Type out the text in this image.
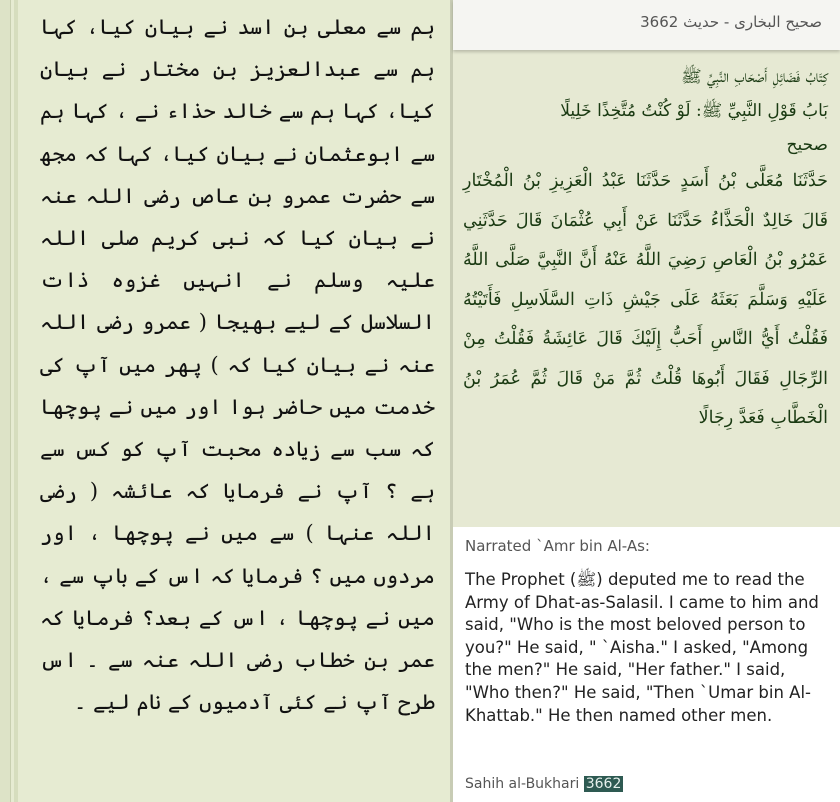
ہم سے معلی بن اسد نے بیان کیا، کہا ہم سے عبدالعزیز بن مختار نے بیان کیا، کہا ہم سے خالد حذاء نے ، کہا ہم سے ابوعثمان نے بیان کیا، کہا کہ مجھ سے حضرت عمرو بن عاص رضی اللہ عنہ نے بیان کیا کہ نبی کریم صلی اللہ علیہ وسلم نے انہیں غزوہ ذات السلاسل کے لیے بھیجا ( عمرو رضی اللہ عنہ نے بیان کیا کہ ) پھر میں آپ کی خدمت میں حاضر ہوا اور میں نے پوچھا کہ سب سے زیادہ محبت آپ کو کس سے ہے ؟ آپ نے فرمایا کہ عائشہ ( رضی اللہ عنہا ) سے میں نے پوچھا ، اور مردوں میں ؟ فرمایا کہ اس کے باپ سے ، میں نے پوچھا ، اس کے بعد؟ فرمایا کہ عمر بن خطاب رضی اللہ عنہ سے ۔ اس طرح آپ نے کئی آدمیوں کے نام لیے ۔

صحیح البخاری - حدیث 3662

كِتَابُ فَضَائِلِ أَصْحَابِ النَّبِيِّ ﷺ

بَابُ قَوْلِ النَّبِيِّ ﷺ: لَوْ كُنْتُ مُتَّخِذًا خَلِيلًا

صحیح

حَدَّثَنَا مُعَلَّى بْنُ أَسَدٍ حَدَّثَنَا عَبْدُ الْعَزِيزِ بْنُ الْمُخْتَارِ قَالَ خَالِدٌ الْحَذَّاءُ حَدَّثَنَا عَنْ أَبِي عُثْمَانَ قَالَ حَدَّثَنِي عَمْرُو بْنُ الْعَاصِ رَضِيَ اللَّهُ عَنْهُ أَنَّ النَّبِيَّ صَلَّى اللَّهُ عَلَيْهِ وَسَلَّمَ بَعَثَهُ عَلَى جَيْشِ ذَاتِ السَّلَاسِلِ فَأَتَيْتُهُ فَقُلْتُ أَيُّ النَّاسِ أَحَبُّ إِلَيْكَ قَالَ عَائِشَةُ فَقُلْتُ مِنْ الرِّجَالِ فَقَالَ أَبُوهَا قُلْتُ ثُمَّ مَنْ قَالَ ثُمَّ عُمَرُ بْنُ الْخَطَّابِ فَعَدَّ رِجَالًا

Narrated `Amr bin Al-As:

The Prophet (ﷺ) deputed me to read the Army of Dhat-as-Salasil. I came to him and said, "Who is the most beloved person to you?" He said, " `Aisha." I asked, "Among the men?" He said, "Her father." I said, "Who then?" He said, "Then `Umar bin Al-Khattab." He then named other men.

Sahih al-Bukhari 3662
